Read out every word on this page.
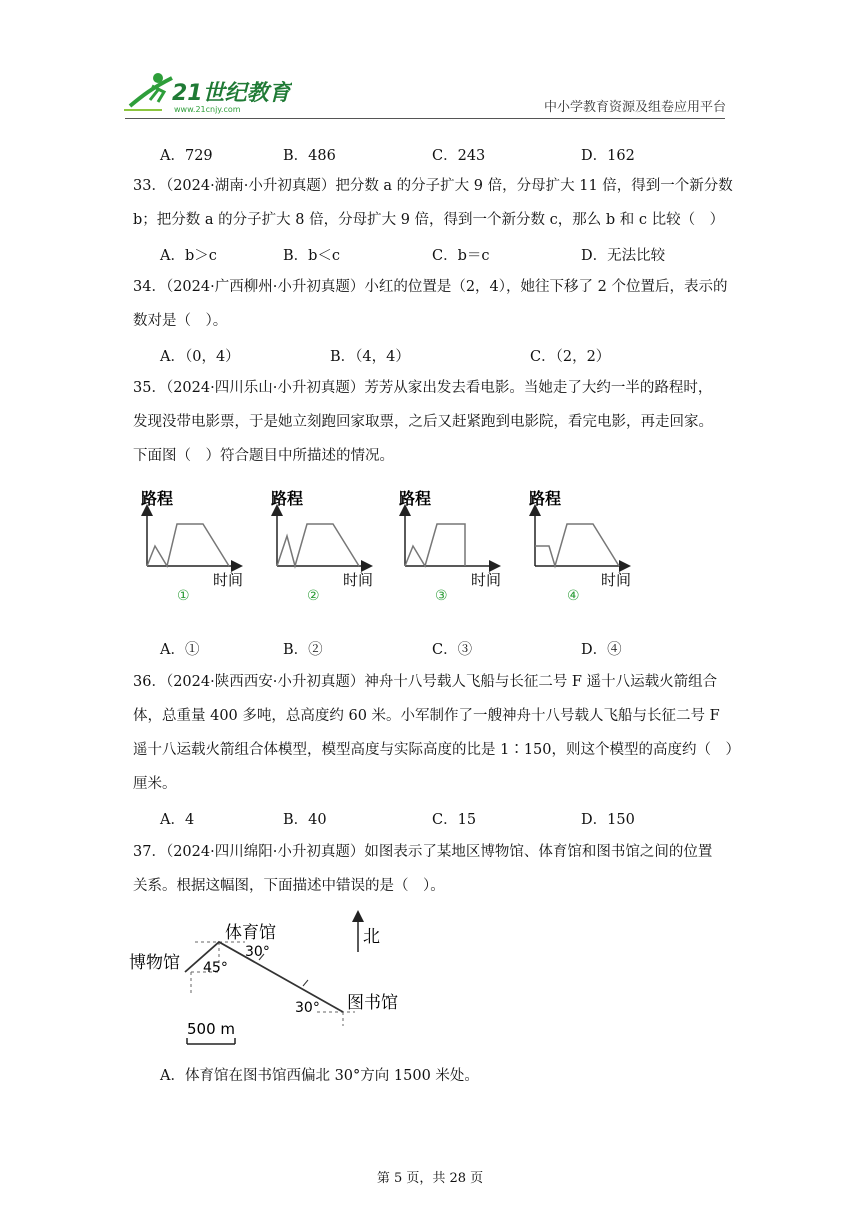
21世纪教育
www.21cnjy.com	中小学教育资源及组卷应用平台
A．729	B．486	C．243	D．162
33．（2024·湖南·小升初真题）把分数 a 的分子扩大 9 倍，分母扩大 11 倍，得到一个新分数
b；把分数 a 的分子扩大 8 倍，分母扩大 9 倍，得到一个新分数 c，那么 b 和 c 比较（　）
A．b＞c	B．b＜c	C．b＝c	D．无法比较
34．（2024·广西柳州·小升初真题）小红的位置是（2，4），她往下移了 2 个位置后，表示的
数对是（　）。
A．（0，4）	B．（4，4）	C．（2，2）
35．（2024·四川乐山·小升初真题）芳芳从家出发去看电影。当她走了大约一半的路程时，
发现没带电影票，于是她立刻跑回家取票，之后又赶紧跑到电影院，看完电影，再走回家。
下面图（　）符合题目中所描述的情况。
路程
时间
①
路程
时间
②
路程
时间
③
路程
时间
④
A．①	B．②	C．③	D．④
36．（2024·陕西西安·小升初真题）神舟十八号载人飞船与长征二号 F 遥十八运载火箭组合
体，总重量 400 多吨，总高度约 60 米。小军制作了一艘神舟十八号载人飞船与长征二号 F
遥十八运载火箭组合体模型，模型高度与实际高度的比是 1∶150，则这个模型的高度约（　）
厘米。
A．4	B．40	C．15	D．150
37．（2024·四川绵阳·小升初真题）如图表示了某地区博物馆、体育馆和图书馆之间的位置
关系。根据这幅图，下面描述中错误的是（　）。
北
体育馆
博物馆
图书馆
30°
45°
30°
500 m
A．体育馆在图书馆西偏北 30°方向 1500 米处。
第 5 页，共 28 页
